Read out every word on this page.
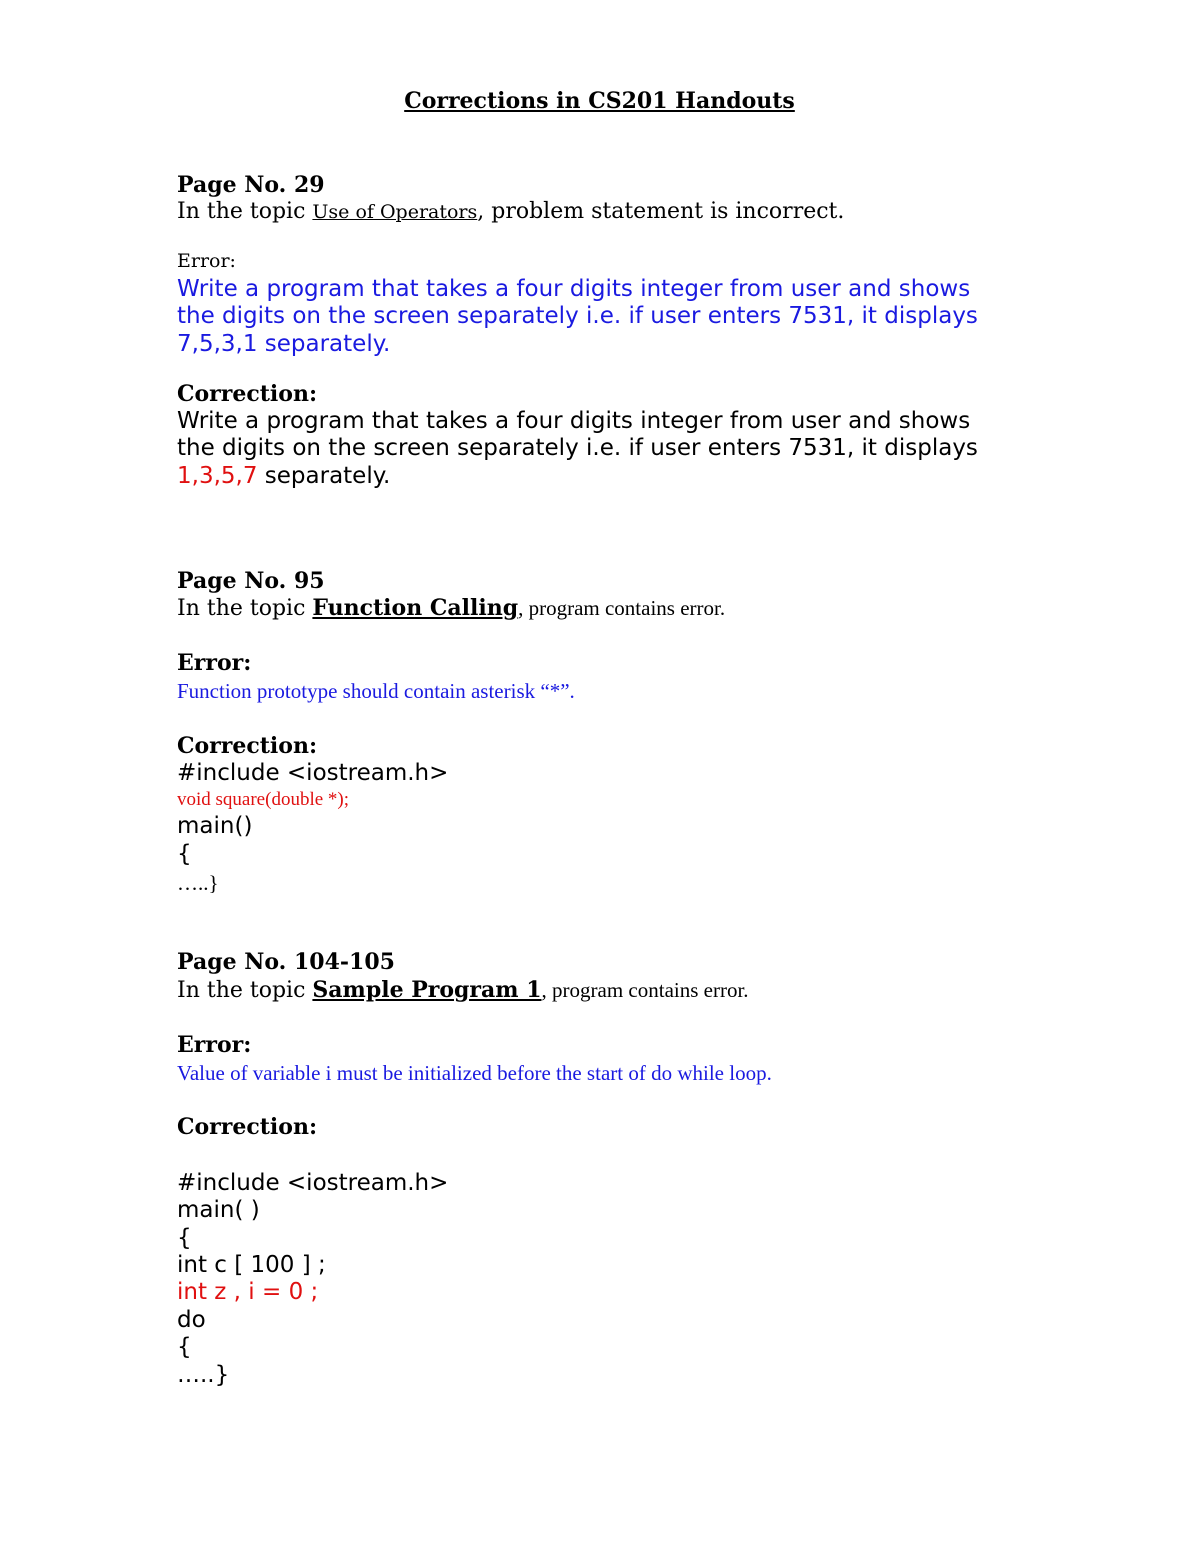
Corrections in CS201 Handouts
Page No. 29
In the topic Use of Operators, problem statement is incorrect.
Error:
Write a program that takes a four digits integer from user and shows
the digits on the screen separately i.e. if user enters 7531, it displays
7,5,3,1 separately.
Correction:
Write a program that takes a four digits integer from user and shows
the digits on the screen separately i.e. if user enters 7531, it displays
1,3,5,7 separately.
Page No. 95
In the topic Function Calling, program contains error.
Error:
Function prototype should contain asterisk “*”.
Correction:
#include <iostream.h>
void square(double *);
main()
{
…..}
Page No. 104-105
In the topic Sample Program 1, program contains error.
Error:
Value of variable i must be initialized before the start of do while loop.
Correction:
#include <iostream.h>
main( )
{
int c [ 100 ] ;
int z , i = 0 ;
do
{
…..}
